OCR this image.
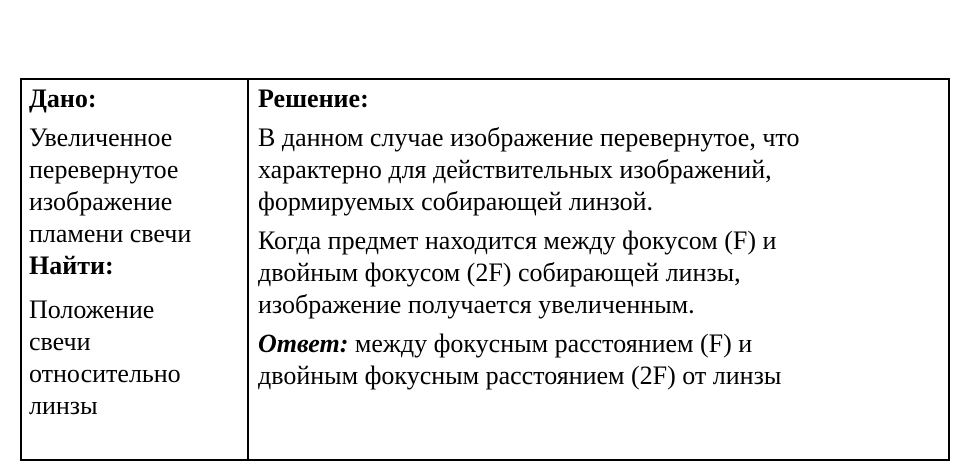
Дано:

Увеличенное

перевернутое

изображение

пламени свечи

Найти:

Положение

свечи

относительно

линзы

Решение:

В данном случае изображение перевернутое, что

характерно для действительных изображений,

формируемых собирающей линзой.

Когда предмет находится между фокусом (F) и

двойным фокусом (2F) собирающей линзы,

изображение получается увеличенным.

Ответ: между фокусным расстоянием (F) и

двойным фокусным расстоянием (2F) от линзы
